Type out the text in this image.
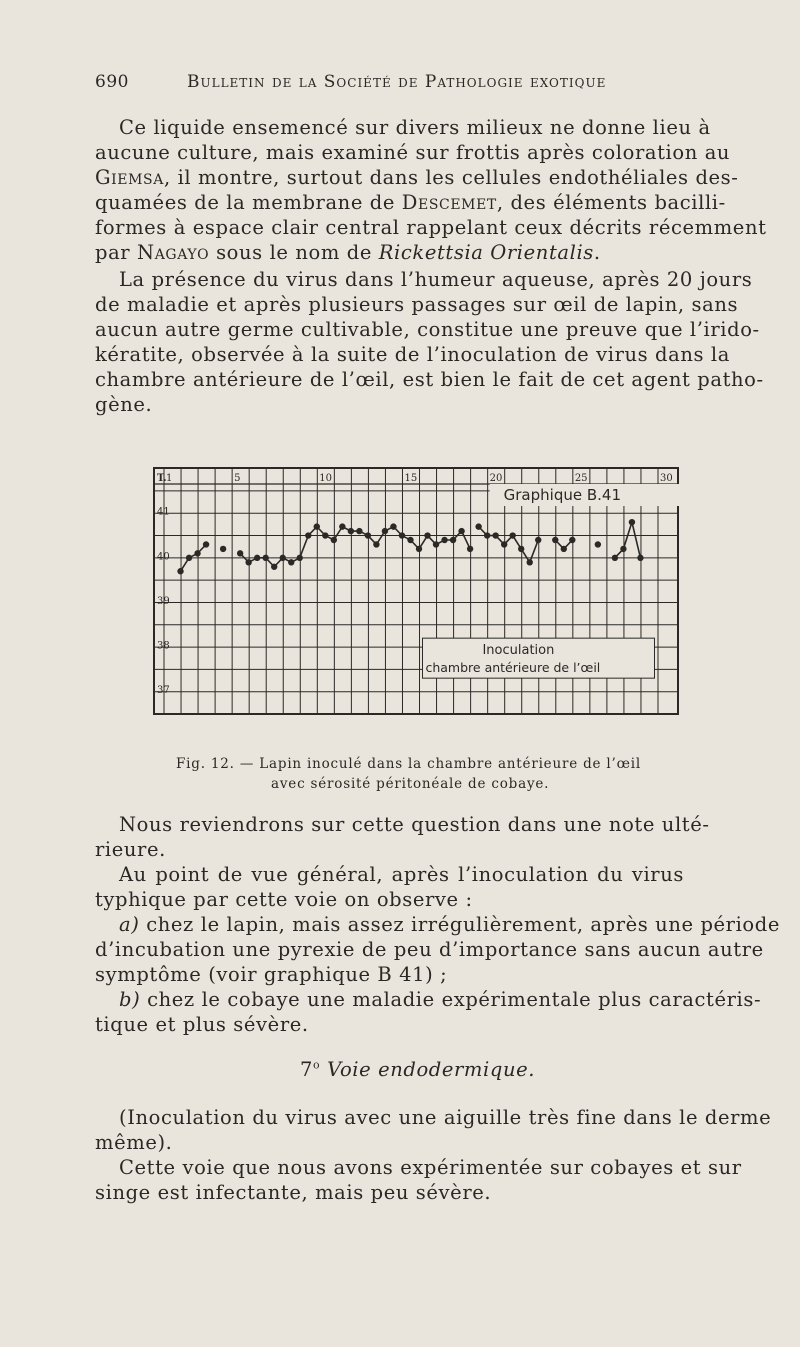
690	Bulletin de la Société de Pathologie exotique
Ce liquide ensemencé sur divers milieux ne donne lieu à
aucune culture, mais examiné sur frottis après coloration au
Giemsa, il montre, surtout dans les cellules endothéliales des-
quamées de la membrane de Descemet, des éléments bacilli-
formes à espace clair central rappelant ceux décrits récemment
par Nagayo sous le nom de Rickettsia Orientalis.
La présence du virus dans l’humeur aqueuse, après 20 jours
de maladie et après plusieurs passages sur œil de lapin, sans
aucun autre germe cultivable, constitue une preuve que l’irido-
kératite, observée à la suite de l’inoculation de virus dans la
chambre antérieure de l’œil, est bien le fait de cet agent patho-
gène.
1	5	10	15	20	25	30
T.
41
40
39
38
37
Graphique B.41
Inoculation
chambre antérieure de l’œil
Fig. 12. — Lapin inoculé dans la chambre antérieure de l’œil
avec sérosité péritonéale de cobaye.
Nous reviendrons sur cette question dans une note ulté-
rieure.
Au point de vue général, après l’inoculation du virus
typhique par cette voie on observe :
a) chez le lapin, mais assez irrégulièrement, après une période
d’incubation une pyrexie de peu d’importance sans aucun autre
symptôme (voir graphique B 41) ;
b) chez le cobaye une maladie expérimentale plus caractéris-
tique et plus sévère.
7$^o$ Voie endodermique.
(Inoculation du virus avec une aiguille très fine dans le derme
même).
Cette voie que nous avons expérimentée sur cobayes et sur
singe est infectante, mais peu sévère.
